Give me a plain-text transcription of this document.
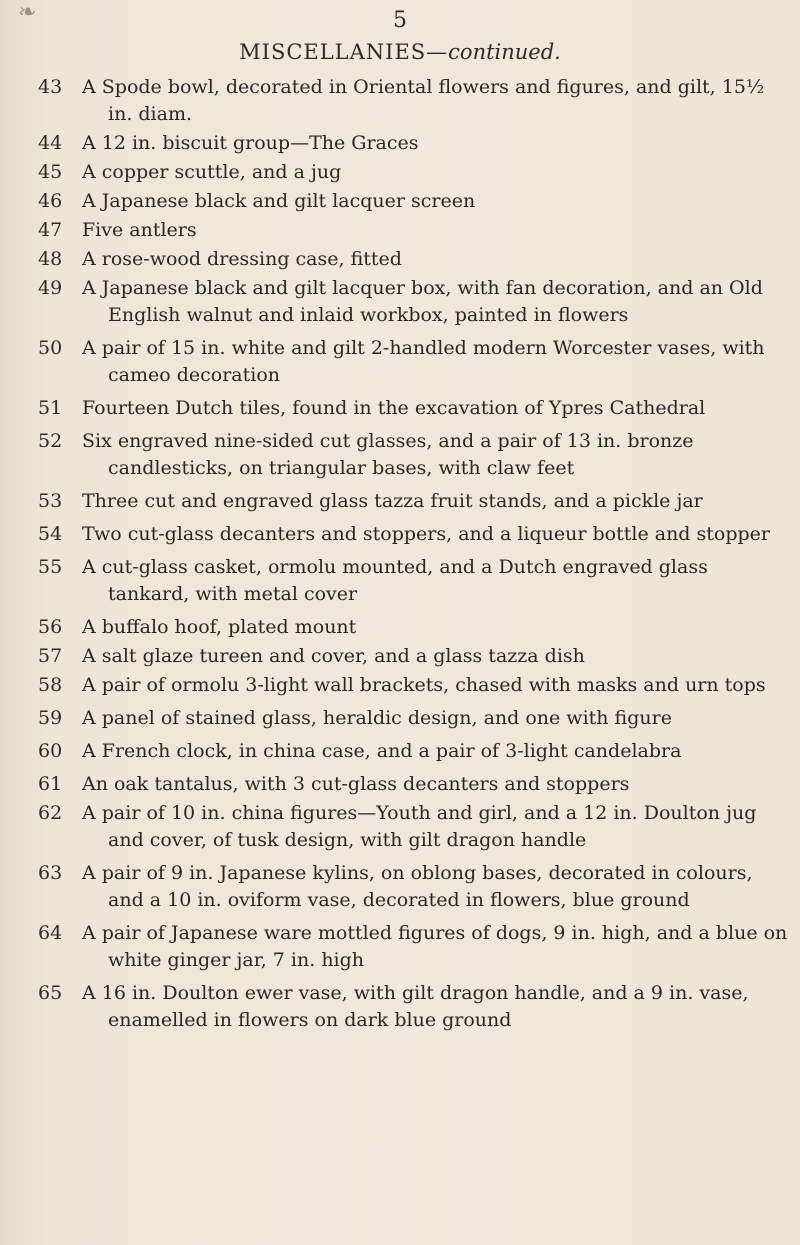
❧	5
MISCELLANIES—continued.
43	A Spode bowl, decorated in Oriental flowers and figures, and gilt, 15½ in. diam.
44	A 12 in. biscuit group—The Graces
45	A copper scuttle, and a jug
46	A Japanese black and gilt lacquer screen
47	Five antlers
48	A rose-wood dressing case, fitted
49	A Japanese black and gilt lacquer box, with fan decoration, and an Old English walnut and inlaid workbox, painted in flowers
50	A pair of 15 in. white and gilt 2-handled modern Worcester vases, with cameo decoration
51	Fourteen Dutch tiles, found in the excavation of Ypres Cathedral
52	Six engraved nine-sided cut glasses, and a pair of 13 in. bronze candlesticks, on triangular bases, with claw feet
53	Three cut and engraved glass tazza fruit stands, and a pickle jar
54	Two cut-glass decanters and stoppers, and a liqueur bottle and stopper
55	A cut-glass casket, ormolu mounted, and a Dutch engraved glass tankard, with metal cover
56	A buffalo hoof, plated mount
57	A salt glaze tureen and cover, and a glass tazza dish
58	A pair of ormolu 3-light wall brackets, chased with masks and urn tops
59	A panel of stained glass, heraldic design, and one with figure
60	A French clock, in china case, and a pair of 3-light candelabra
61	An oak tantalus, with 3 cut-glass decanters and stoppers
62	A pair of 10 in. china figures—Youth and girl, and a 12 in. Doulton jug and cover, of tusk design, with gilt dragon handle
63	A pair of 9 in. Japanese kylins, on oblong bases, decorated in colours, and a 10 in. oviform vase, decorated in flowers, blue ground
64	A pair of Japanese ware mottled figures of dogs, 9 in. high, and a blue on white ginger jar, 7 in. high
65	A 16 in. Doulton ewer vase, with gilt dragon handle, and a 9 in. vase, enamelled in flowers on dark blue ground
